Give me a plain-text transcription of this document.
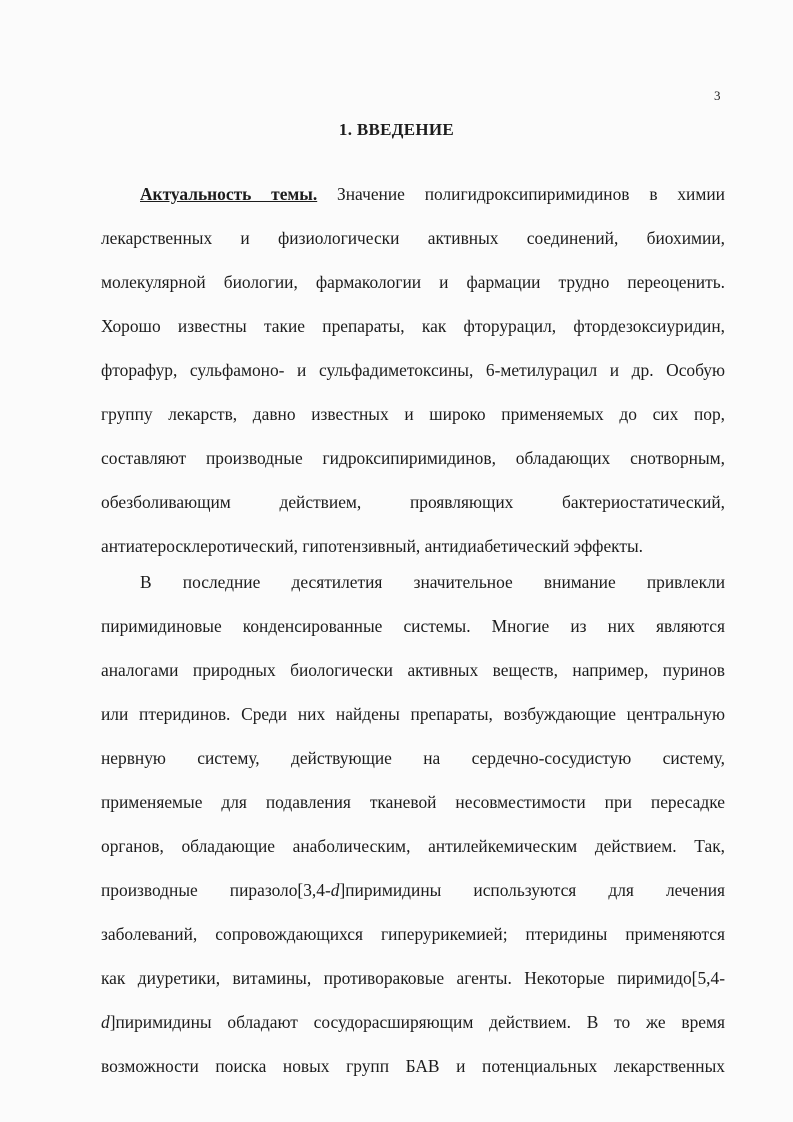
3
1. ВВЕДЕНИЕ
Актуальность темы. Значение полигидроксипиримидинов в химии
лекарственных и физиологически активных соединений, биохимии,
молекулярной биологии, фармакологии и фармации трудно переоценить.
Хорошо известны такие препараты, как фторурацил, фтордезоксиуридин,
фторафур, сульфамоно- и сульфадиметоксины, 6-метилурацил и др. Особую
группу лекарств, давно известных и широко применяемых до сих пор,
составляют производные гидроксипиримидинов, обладающих снотворным,
обезболивающим действием, проявляющих бактериостатический,
антиатеросклеротический, гипотензивный, антидиабетический эффекты.
В последние десятилетия значительное внимание привлекли
пиримидиновые конденсированные системы. Многие из них являются
аналогами природных биологически активных веществ, например, пуринов
или птеридинов. Среди них найдены препараты, возбуждающие центральную
нервную систему, действующие на сердечно-сосудистую систему,
применяемые для подавления тканевой несовместимости при пересадке
органов, обладающие анаболическим, антилейкемическим действием. Так,
производные пиразоло[3,4-d]пиримидины используются для лечения
заболеваний, сопровождающихся гиперурикемией; птеридины применяются
как диуретики, витамины, противораковые агенты. Некоторые пиримидо[5,4-
d]пиримидины обладают сосудорасширяющим действием. В то же время
возможности поиска новых групп БАВ и потенциальных лекарственных
